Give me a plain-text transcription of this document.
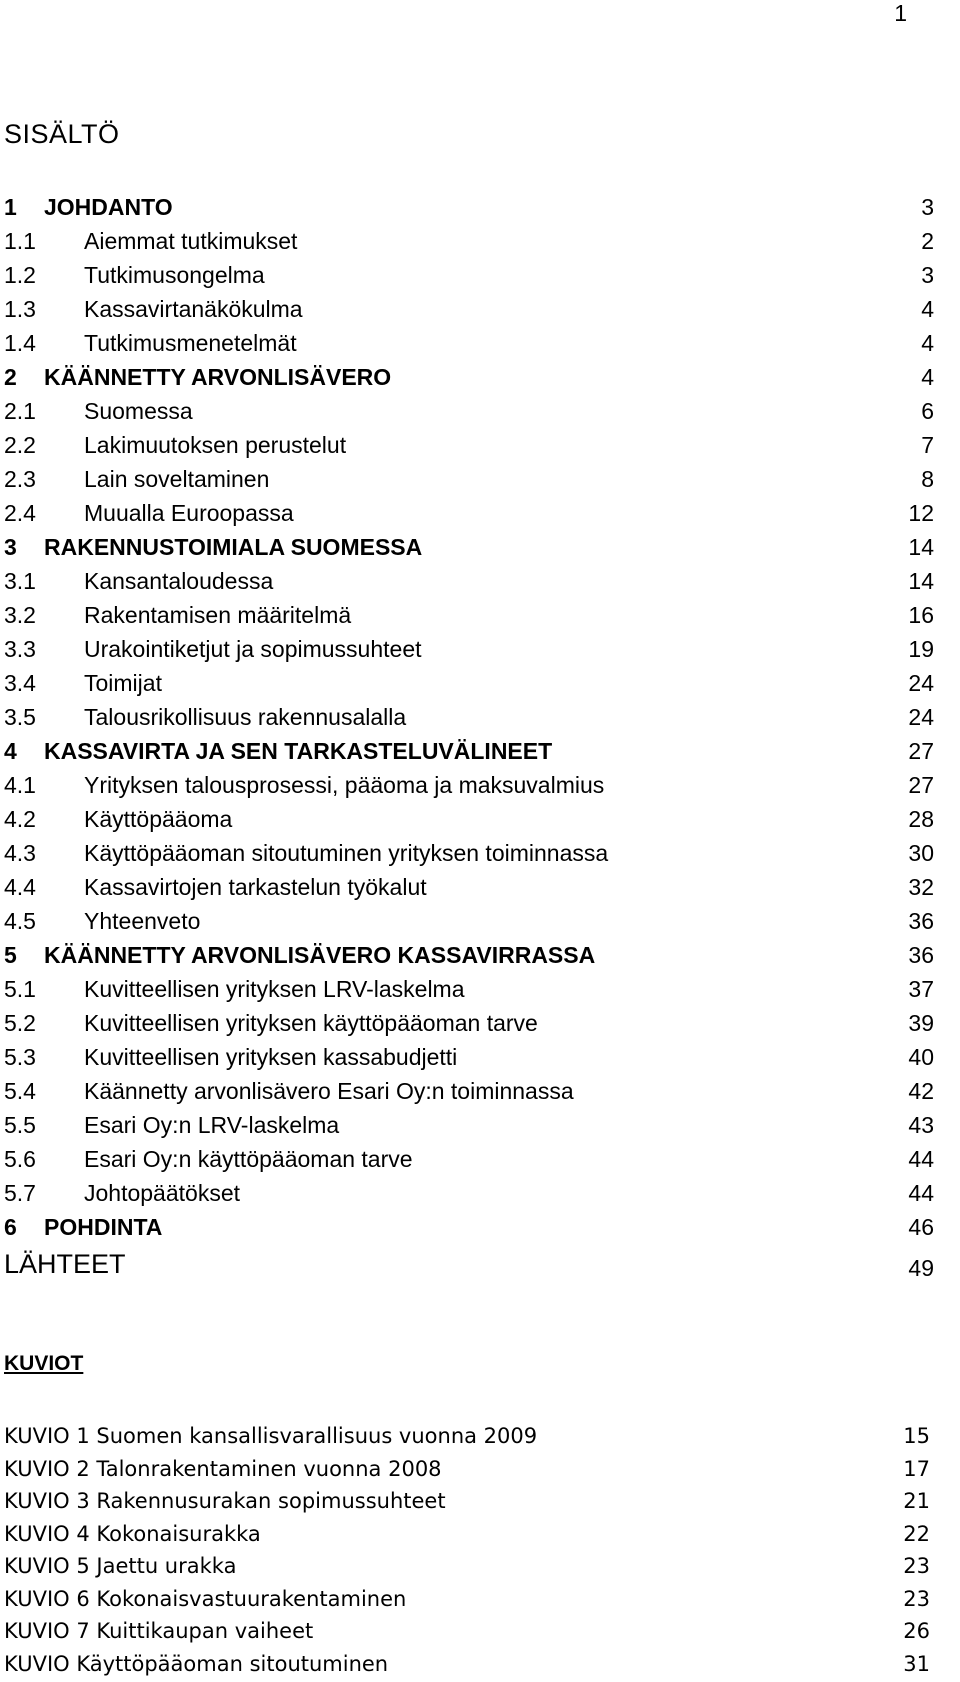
1
SISÄLTÖ
1 JOHDANTO	3
1.1 Aiemmat tutkimukset	2
1.2 Tutkimusongelma	3
1.3 Kassavirtanäkökulma	4
1.4 Tutkimusmenetelmät	4
2 KÄÄNNETTY ARVONLISÄVERO	4
2.1 Suomessa	6
2.2 Lakimuutoksen perustelut	7
2.3 Lain soveltaminen	8
2.4 Muualla Euroopassa	12
3 RAKENNUSTOIMIALA SUOMESSA	14
3.1 Kansantaloudessa	14
3.2 Rakentamisen määritelmä	16
3.3 Urakointiketjut ja sopimussuhteet	19
3.4 Toimijat	24
3.5 Talousrikollisuus rakennusalalla	24
4 KASSAVIRTA JA SEN TARKASTELUVÄLINEET	27
4.1 Yrityksen talousprosessi, pääoma ja maksuvalmius	27
4.2 Käyttöpääoma	28
4.3 Käyttöpääoman sitoutuminen yrityksen toiminnassa	30
4.4 Kassavirtojen tarkastelun työkalut	32
4.5 Yhteenveto	36
5 KÄÄNNETTY ARVONLISÄVERO KASSAVIRRASSA	36
5.1 Kuvitteellisen yrityksen LRV-laskelma	37
5.2 Kuvitteellisen yrityksen käyttöpääoman tarve	39
5.3 Kuvitteellisen yrityksen kassabudjetti	40
5.4 Käännetty arvonlisävero Esari Oy:n toiminnassa	42
5.5 Esari Oy:n LRV-laskelma	43
5.6 Esari Oy:n käyttöpääoman tarve	44
5.7 Johtopäätökset	44
6 POHDINTA	46
LÄHTEET	49
KUVIOT
KUVIO 1 Suomen kansallisvarallisuus vuonna 2009	15
KUVIO 2 Talonrakentaminen vuonna 2008	17
KUVIO 3 Rakennusurakan sopimussuhteet	21
KUVIO 4 Kokonaisurakka	22
KUVIO 5 Jaettu urakka	23
KUVIO 6 Kokonaisvastuurakentaminen	23
KUVIO 7 Kuittikaupan vaiheet	26
KUVIO Käyttöpääoman sitoutuminen	31
